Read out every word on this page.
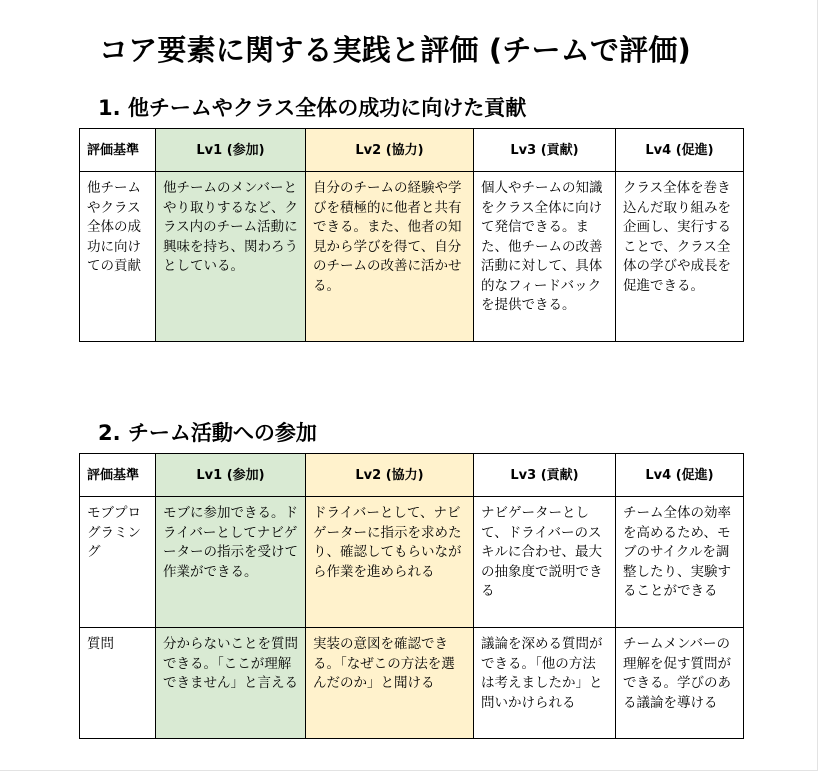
コア要素に関する実践と評価 (チームで評価)
1. 他チームやクラス全体の成功に向けた貢献
評価基準	Lv1 (参加)	Lv2 (協力)	Lv3 (貢献)	Lv4 (促進)
他チームやクラス全体の成功に向けての貢献	他チームのメンバーとやり取りするなど、クラス内のチーム活動に興味を持ち、関わろうとしている。	自分のチームの経験や学びを積極的に他者と共有できる。また、他者の知見から学びを得て、自分のチームの改善に活かせる。	個人やチームの知識をクラス全体に向けて発信できる。また、他チームの改善活動に対して、具体的なフィードバックを提供できる。	クラス全体を巻き込んだ取り組みを企画し、実行することで、クラス全体の学びや成長を促進できる。
2. チーム活動への参加
評価基準	Lv1 (参加)	Lv2 (協力)	Lv3 (貢献)	Lv4 (促進)
モブプログラミング	モブに参加できる。ドライバーとしてナビゲーターの指示を受けて作業ができる。	ドライバーとして、ナビゲーターに指示を求めたり、確認してもらいながら作業を進められる	ナビゲーターとして、ドライバーのスキルに合わせ、最大の抽象度で説明できる	チーム全体の効率を高めるため、モブのサイクルを調整したり、実験することができる
質問	分からないことを質問できる。「ここが理解できません」と言える	実装の意図を確認できる。「なぜこの方法を選んだのか」と聞ける	議論を深める質問ができる。「他の方法は考えましたか」と問いかけられる	チームメンバーの理解を促す質問ができる。学びのある議論を導ける
